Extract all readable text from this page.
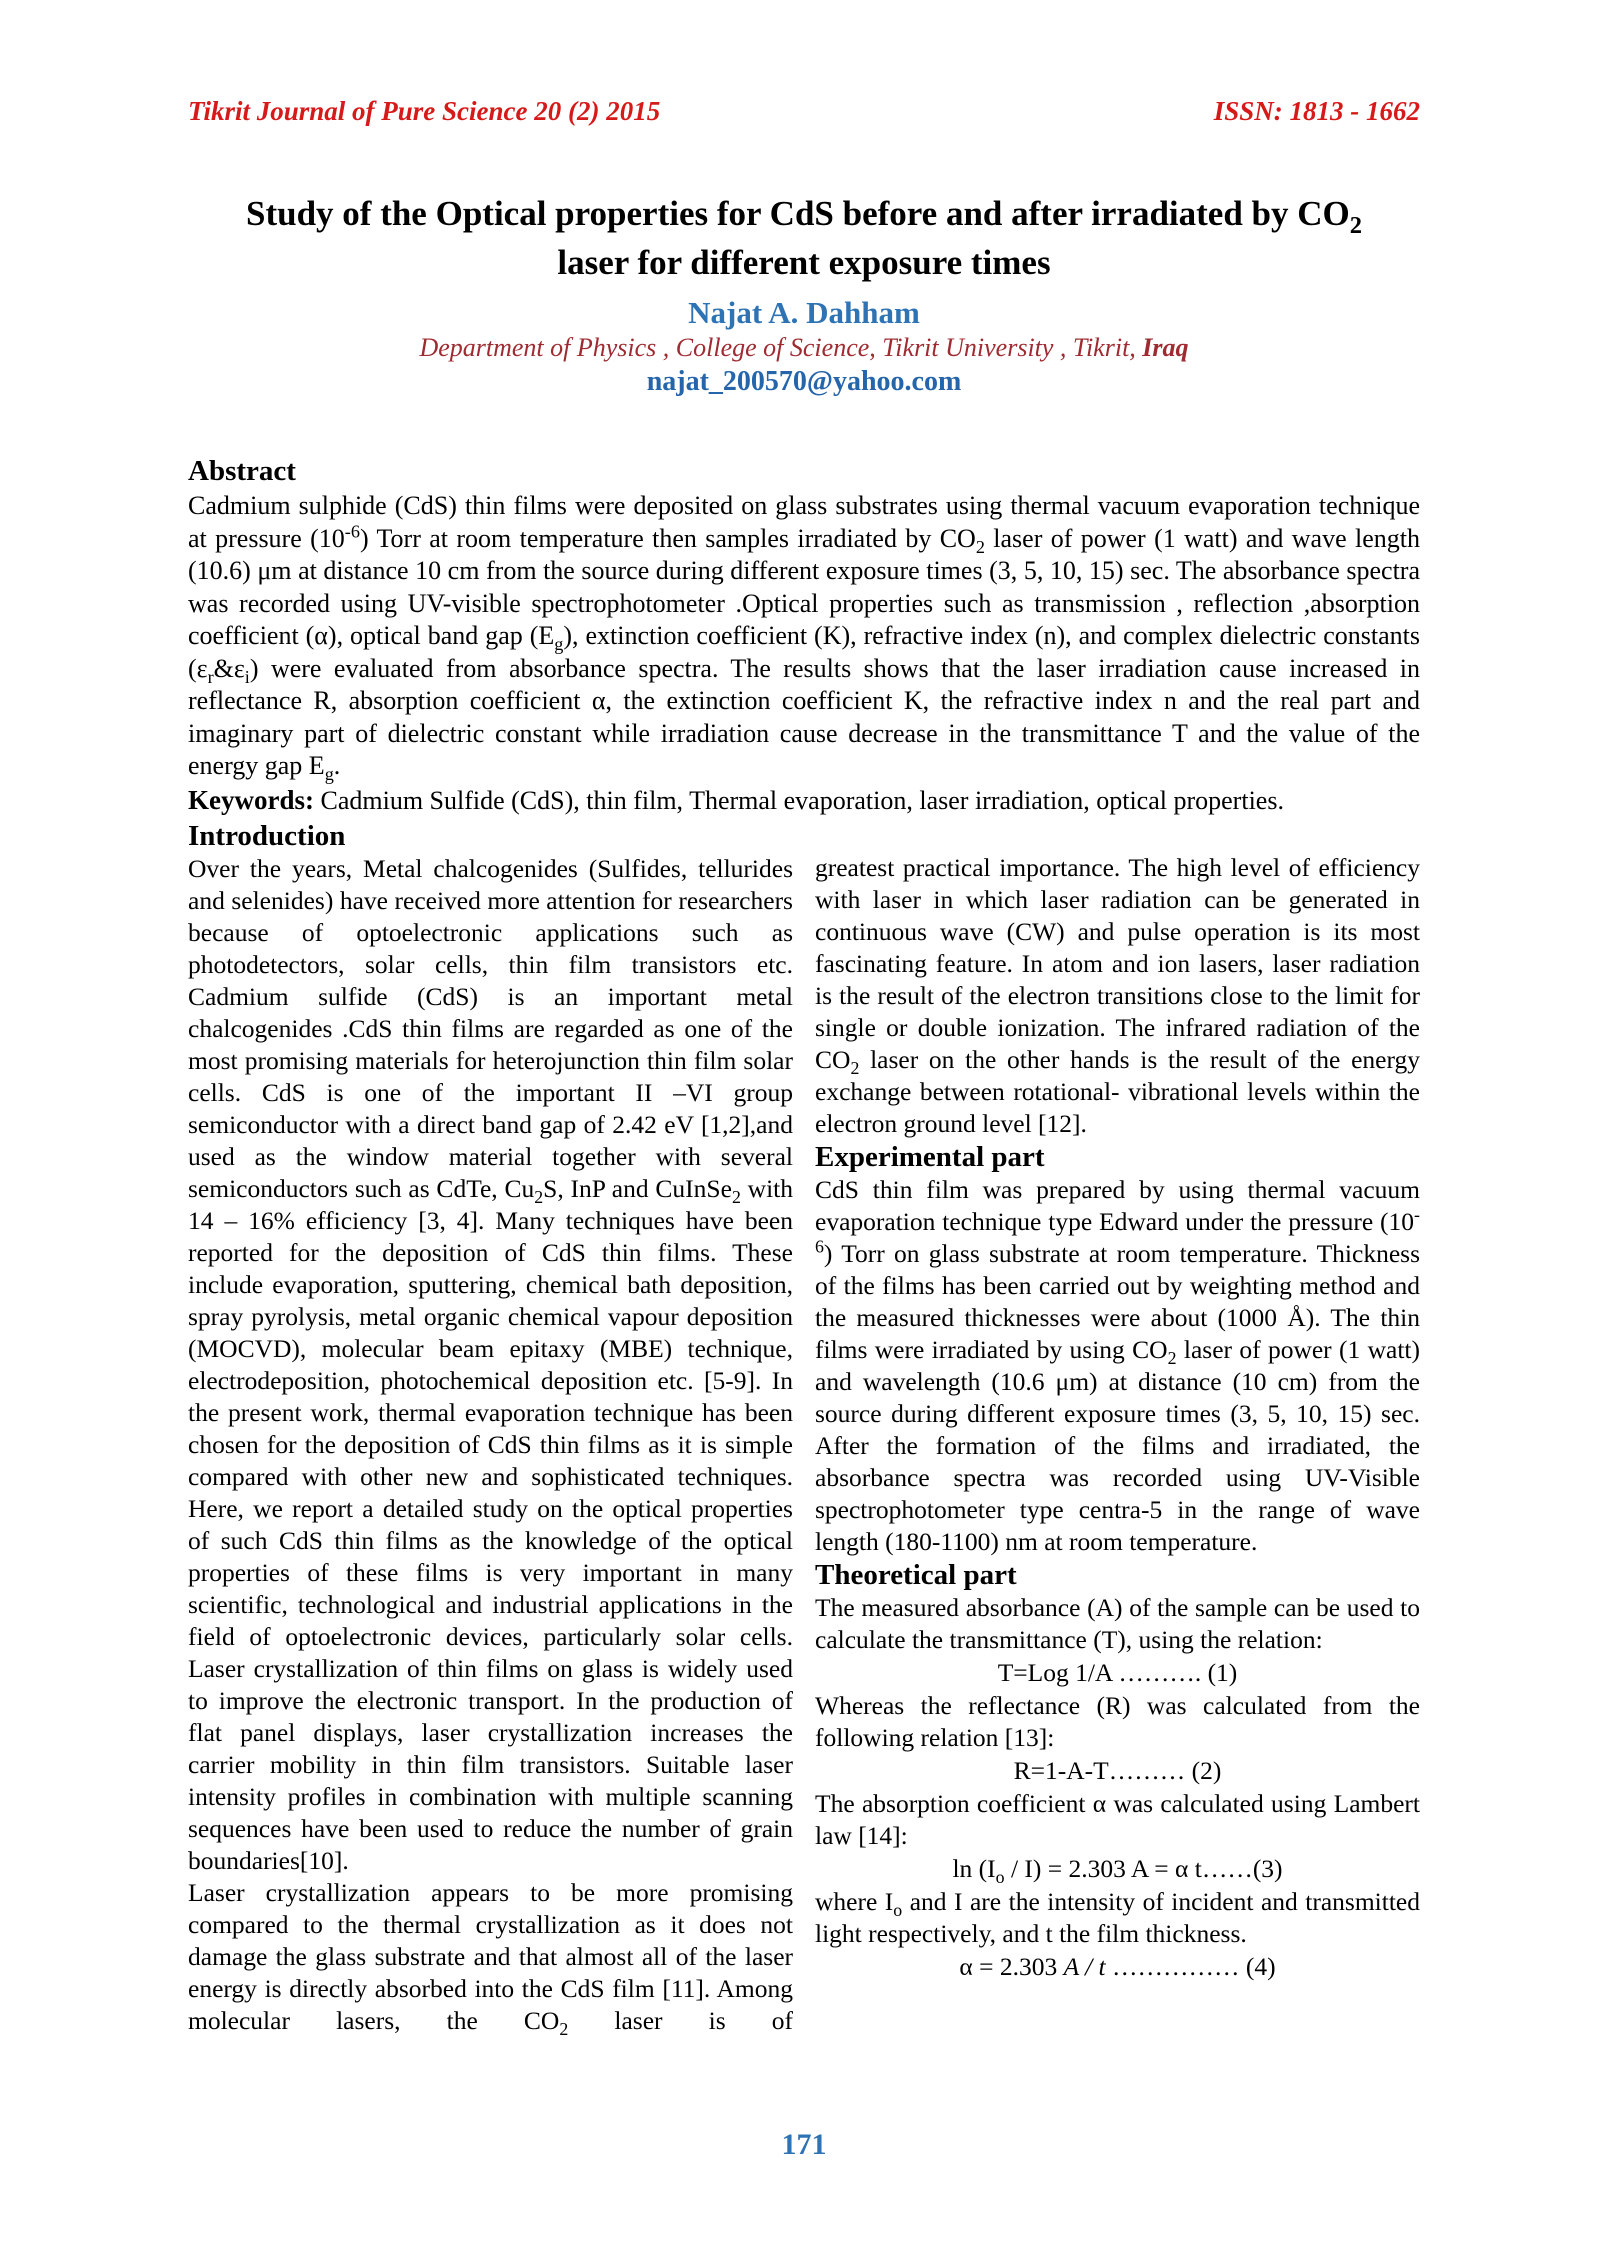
Tikrit Journal of Pure Science 20 (2) 2015	ISSN: 1813 - 1662
Study of the Optical properties for CdS before and after irradiated by $CO_2$
laser for different exposure times
Najat A. Dahham
Department of Physics , College of Science, Tikrit University , Tikrit, Iraq
najat_200570@yahoo.com
Abstract
Cadmium sulphide (CdS) thin films were deposited on glass substrates using thermal vacuum evaporation technique at pressure $(10^{-6})$ Torr at room temperature then samples irradiated by $CO_2$ laser of power (1 watt) and wave length (10.6) μm at distance 10 cm from the source during different exposure times (3, 5, 10, 15) sec. The absorbance spectra was recorded using UV-visible spectrophotometer .Optical properties such as transmission , reflection ,absorption coefficient (α), optical band gap $(E_g)$, extinction coefficient (K), refractive index (n), and complex dielectric constants $(\varepsilon_r\&\varepsilon_i)$ were evaluated from absorbance spectra. The results shows that the laser irradiation cause increased in reflectance R, absorption coefficient α, the extinction coefficient K, the refractive index n and the real part and imaginary part of dielectric constant while irradiation cause decrease in the transmittance T and the value of the energy gap $E_g$.
Keywords: Cadmium Sulfide (CdS), thin film, Thermal evaporation, laser irradiation, optical properties.
Introduction

Over the years, Metal chalcogenides (Sulfides, tellurides and selenides) have received more attention for researchers because of optoelectronic applications such as photodetectors, solar cells, thin film transistors etc. Cadmium sulfide (CdS) is an important metal chalcogenides .CdS thin films are regarded as one of the most promising materials for heterojunction thin film solar cells. CdS is one of the important II –VI group semiconductor with a direct band gap of 2.42 eV [1,2],and used as the window material together with several semiconductors such as CdTe, $Cu_2S$, InP and CuInSe$_2$ with 14 – 16% efficiency [3, 4]. Many techniques have been reported for the deposition of CdS thin films. These include evaporation, sputtering, chemical bath deposition, spray pyrolysis, metal organic chemical vapour deposition (MOCVD), molecular beam epitaxy (MBE) technique, electrodeposition, photochemical deposition etc. [5-9]. In the present work, thermal evaporation technique has been chosen for the deposition of CdS thin films as it is simple compared with other new and sophisticated techniques. Here, we report a detailed study on the optical properties of such CdS thin films as the knowledge of the optical properties of these films is very important in many scientific, technological and industrial applications in the field of optoelectronic devices, particularly solar cells. Laser crystallization of thin films on glass is widely used to improve the electronic transport. In the production of flat panel displays, laser crystallization increases the carrier mobility in thin film transistors. Suitable laser intensity profiles in combination with multiple scanning sequences have been used to reduce the number of grain boundaries[10].

Laser crystallization appears to be more promising compared to the thermal crystallization as it does not damage the glass substrate and that almost all of the laser energy is directly absorbed into the CdS film [11]. Among molecular lasers, the $CO_2$ laser is of

greatest practical importance. The high level of efficiency with laser in which laser radiation can be generated in continuous wave (CW) and pulse operation is its most fascinating feature. In atom and ion lasers, laser radiation is the result of the electron transitions close to the limit for single or double ionization. The infrared radiation of the $CO_2$ laser on the other hands is the result of the energy exchange between rotational- vibrational levels within the electron ground level [12].

Experimental part

CdS thin film was prepared by using thermal vacuum evaporation technique type Edward under the pressure $(10^{-6})$ Torr on glass substrate at room temperature. Thickness of the films has been carried out by weighting method and the measured thicknesses were about (1000 Å). The thin films were irradiated by using $CO_2$ laser of power (1 watt) and wavelength (10.6 μm) at distance (10 cm) from the source during different exposure times (3, 5, 10, 15) sec. After the formation of the films and irradiated, the absorbance spectra was recorded using UV-Visible spectrophotometer type centra-5 in the range of wave length (180-1100) nm at room temperature.

Theoretical part

The measured absorbance (A) of the sample can be used to calculate the transmittance (T), using the relation:

T=Log 1/A ………. (1)

Whereas the reflectance (R) was calculated from the following relation [13]:

R=1-A-T……… (2)

The absorption coefficient α was calculated using Lambert law [14]:

$\ln (I_o / I) = 2.303$ A = α t……(3)

where $I_o$ and I are the intensity of incident and transmitted light respectively, and t the film thickness.

α = 2.303 A / t …………… (4)

171
